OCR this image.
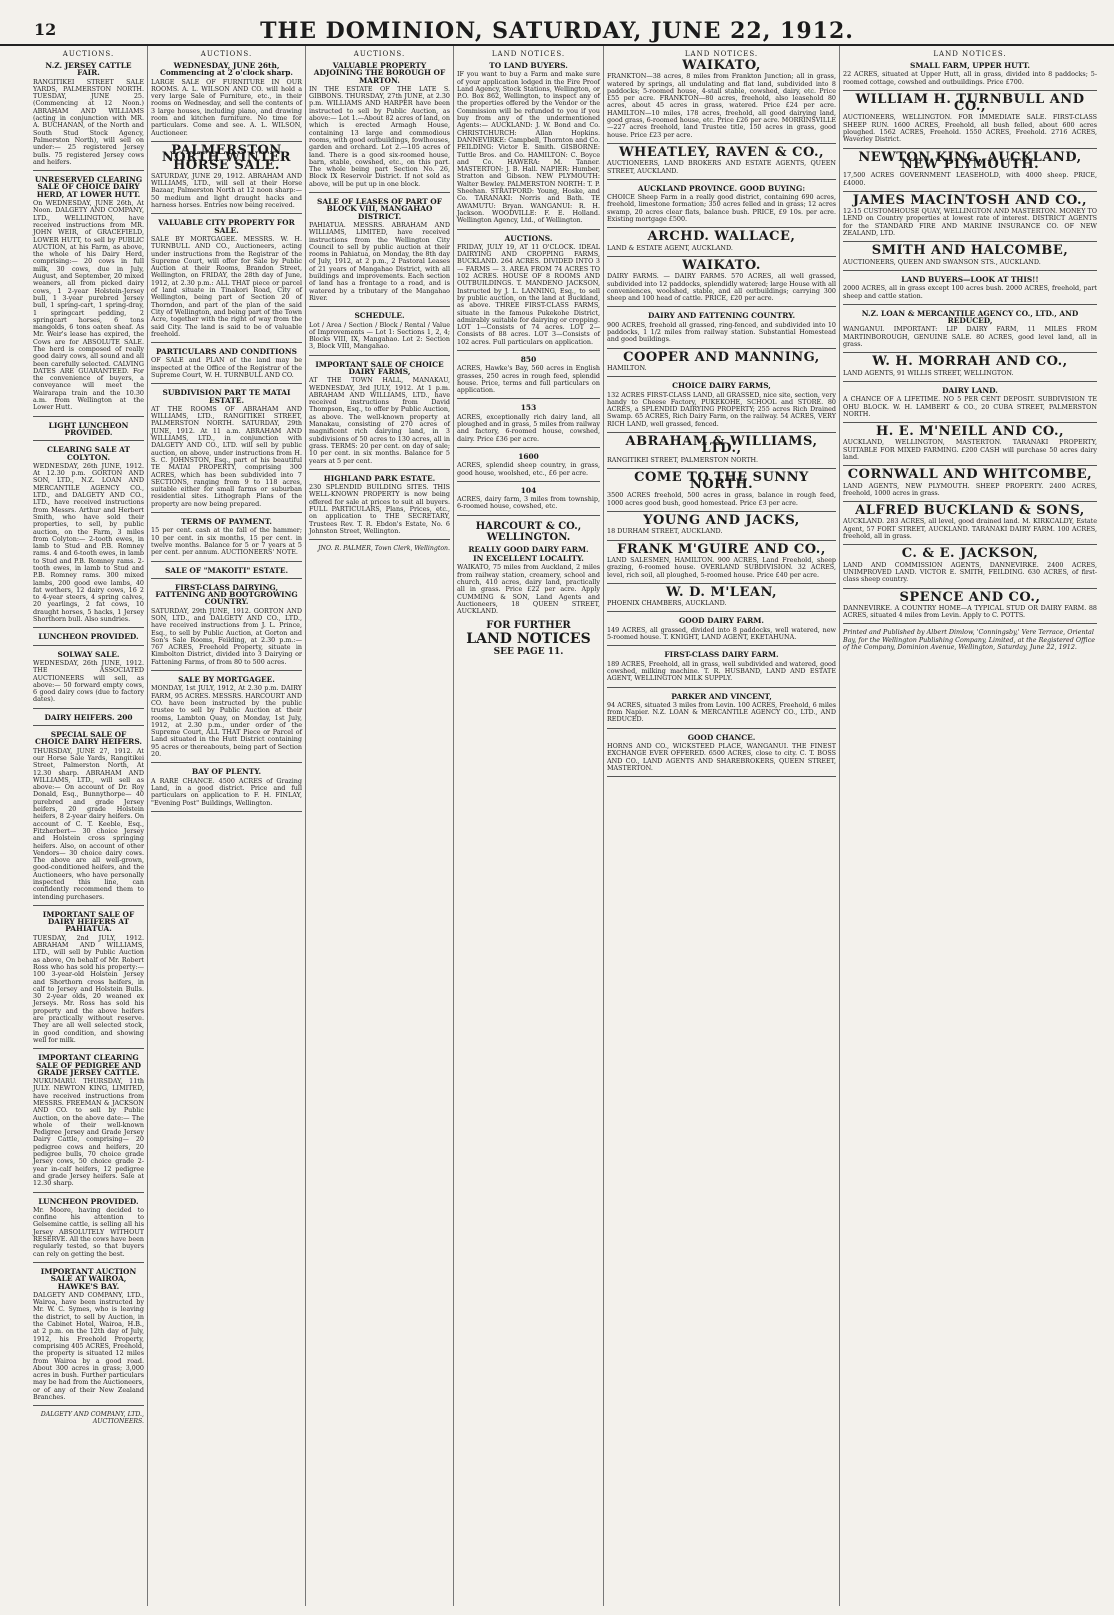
12	THE DOMINION, SATURDAY, JUNE 22, 1912.
AUCTIONS.
N.Z. JERSEY CATTLE FAIR.
RANGITIKEI STREET SALE YARDS, PALMERSTON NORTH. TUESDAY, JUNE 25. (Commencing at 12 Noon.) ABRAHAM AND WILLIAMS (acting in conjunction with MR. A. BUCHANAN, of the North and South Stud Stock Agency, Palmerston North), will sell on under:— 25 registered Jersey bulls. 75 registered Jersey cows and heifers.
UNRESERVED CLEARING SALE OF CHOICE DAIRY HERD, AT LOWER HUTT.
On WEDNESDAY, JUNE 26th, At Noon. DALGETY AND COMPANY, LTD., WELLINGTON, have received instructions from MR. JOHN WEIR, of GRACEFIELD, LOWER HUTT, to sell by PUBLIC AUCTION, at his Farm, as above, the whole of his Dairy Herd, comprising:— 20 cows in full milk, 30 cows, due in July, August, and September, 20 mixed weaners, all from picked dairy cows, 1 2-year Holstein-Jersey bull, 1 3-year purebred Jersey bull, 1 spring-cart, 1 spring-dray, 1 springcart pedding, 2 springcart horses, 6 tons mangolds, 6 tons oaten sheaf. As Mr. Weir's lease has expired, the Cows are for ABSOLUTE SALE. The herd is composed of really good dairy cows, all sound and all been carefully selected. CALVING DATES ARE GUARANTEED. For the convenience of buyers, a conveyance will meet the Wairarapa train and the 10.30 a.m. from Wellington at the Lower Hutt.
LIGHT LUNCHEON PROVIDED.
CLEARING SALE AT COLYTON.
WEDNESDAY, 26th JUNE, 1912. At 12.30 p.m. GORTON AND SON, LTD., N.Z. LOAN AND MERCANTILE AGENCY CO., LTD., and DALGETY AND CO., LTD., have received instructions from Messrs. Arthur and Herbert Smith, who have sold their properties, to sell, by public auction, on the Farm, 3 miles from Colyton:— 2-tooth ewes, in lamb to Stud and P.B. Romney rams. 4 and 6-tooth ewes, in lamb to Stud and P.B. Romney rams. 2-tooth ewes, in lamb to Stud and P.B. Romney rams. 300 mixed lambs, 200 good ewe lambs, 40 fat wethers, 12 dairy cows, 16 2 to 4-year steers, 4 spring calves, 20 yearlings, 2 fat cows, 10 draught horses, 5 hacks, 1 Jersey Shorthorn bull. Also sundries.
LUNCHEON PROVIDED.
SOLWAY SALE.
WEDNESDAY, 26th JUNE, 1912. THE ASSOCIATED AUCTIONEERS will sell, as above:— 50 forward empty cows, 6 good dairy cows (due to factory dates).
DAIRY HEIFERS. 200
SPECIAL SALE OF CHOICE DAIRY HEIFERS.
THURSDAY, JUNE 27, 1912. At our Horse Sale Yards, Rangitikei Street, Palmerston North, At 12.30 sharp. ABRAHAM AND WILLIAMS, LTD., will sell as above:— On account of Dr. Roy Donald, Esq., Bunnythorpe— 40 purebred and grade Jersey heifers, 20 grade Holstein heifers, 8 2-year dairy heifers. On account of C. T. Keeble, Esq., Fitzherbert— 30 choice Jersey and Holstein cross springing heifers. Also, on account of other Vendors— 30 choice dairy cows. The above are all well-grown, good-conditioned heifers, and the Auctioneers, who have personally inspected this line, can confidently recommend them to intending purchasers.
IMPORTANT SALE OF DAIRY HEIFERS AT PAHIATUA.
TUESDAY, 2nd JULY, 1912. ABRAHAM AND WILLIAMS, LTD., will sell by Public Auction as above, On behalf of Mr. Robert Ross who has sold his property:— 100 3-year-old Holstein Jersey and Shorthorn cross heifers, in calf to Jersey and Holstein Bulls. 30 2-year olds, 20 weaned ex Jerseys. Mr. Ross has sold his property and the above heifers are practically without reserve. They are all well selected stock, in good condition, and showing well for milk.
IMPORTANT CLEARING SALE OF PEDIGREE AND GRADE JERSEY CATTLE.
NUKUMARU. THURSDAY, 11th JULY. NEWTON KING, LIMITED, have received instructions from MESSRS. FREEMAN & JACKSON AND CO. to sell by Public Auction, on the above date:— The whole of their well-known Pedigree Jersey and Grade Jersey Dairy Cattle, comprising— 20 pedigree cows and heifers, 20 pedigree bulls, 70 choice grade Jersey cows, 50 choice grade 2-year in-calf heifers, 12 pedigree and grade Jersey heifers. Sale at 12.30 sharp.
LUNCHEON PROVIDED.
Mr. Moore, having decided to confine his attention to Gelsemine cattle, is selling all his Jersey ABSOLUTELY WITHOUT RESERVE. All the cows have been regularly tested, so that buyers can rely on getting the best.
IMPORTANT AUCTION SALE AT WAIROA, HAWKE'S BAY.
DALGETY AND COMPANY, LTD., Wairoa, have been instructed by Mr. W. C. Symes, who is leaving the district, to sell by Auction, in the Cabinet Hotel, Wairoa, H.B., at 2 p.m. on the 12th day of July, 1912, his Freehold Property, comprising 405 ACRES, Freehold, the property is situated 12 miles from Wairoa by a good road. About 300 acres in grass; 3,000 acres in bush. Further particulars may be had from the Auctioneers, or of any of their New Zealand Branches.
DALGETY AND COMPANY, LTD., AUCTIONEERS.
AUCTIONS.
WEDNESDAY, JUNE 26th, Commencing at 2 o'clock sharp.
LARGE SALE OF FURNITURE IN OUR ROOMS. A. L. WILSON AND CO. will hold a very large Sale of Furniture, etc., in their rooms on Wednesday, and sell the contents of 3 large houses, including piano, and drawing room and kitchen furniture. No time for particulars. Come and see. A. L. WILSON, Auctioneer.
PALMERSTON NORTH WINTER HORSE SALE.
SATURDAY, JUNE 29, 1912. ABRAHAM AND WILLIAMS, LTD., will sell at their Horse Bazaar, Palmerston North at 12 noon sharp:— 50 medium and light draught hacks and harness horses. Entries now being received.
VALUABLE CITY PROPERTY FOR SALE.
SALE BY MORTGAGEE. MESSRS. W. H. TURNBULL AND CO., Auctioneers, acting under instructions from the Registrar of the Supreme Court, will offer for Sale by Public Auction at their Rooms, Brandon Street, Wellington, on FRIDAY, the 28th day of June, 1912, at 2.30 p.m.: ALL THAT piece or parcel of land situate in Tinakori Road, City of Wellington, being part of Section 20 of Thorndon, and part of the plan of the said City of Wellington, and being part of the Town Acre, together with the right of way from the said City. The land is said to be of valuable freehold.
PARTICULARS AND CONDITIONS
OF SALE and PLAN of the land may be inspected at the Office of the Registrar of the Supreme Court, W. H. TURNBULL AND CO.
SUBDIVISION PART TE MATAI ESTATE.
AT THE ROOMS OF ABRAHAM AND WILLIAMS, LTD., RANGITIKEI STREET, PALMERSTON NORTH. SATURDAY, 29th JUNE, 1912. At 11 a.m. ABRAHAM AND WILLIAMS, LTD., in conjunction with DALGETY AND CO., LTD. will sell by public auction, on above, under instructions from H. S. C. JOHNSTON, Esq., part of his beautiful TE MATAI PROPERTY, comprising 300 ACRES, which has been subdivided into 7 SECTIONS, ranging from 9 to 118 acres, suitable either for small farms or suburban residential sites. Lithograph Plans of the property are now being prepared.
TERMS OF PAYMENT.
15 per cent. cash at the fall of the hammer; 10 per cent. in six months, 15 per cent. in twelve months. Balance for 5 or 7 years at 5 per cent. per annum. AUCTIONEERS' NOTE.
SALE OF "MAKOITI" ESTATE.
FIRST-CLASS DAIRYING, FATTENING AND BOOTGROWING COUNTRY.
SATURDAY, 29th JUNE, 1912. GORTON AND SON, LTD., and DALGETY AND CO., LTD., have received instructions from J. L. Prince, Esq., to sell by Public Auction, at Gorton and Son's Sale Rooms, Feilding, at 2.30 p.m.:— 767 ACRES, Freehold Property, situate in Kimbolton District, divided into 3 Dairying or Fattening Farms, of from 80 to 500 acres.
SALE BY MORTGAGEE.
MONDAY, 1st JULY, 1912, At 2.30 p.m. DAIRY FARM, 95 ACRES. MESSRS. HARCOURT AND CO. have been instructed by the public trustee to sell by Public Auction at their rooms, Lambton Quay, on Monday, 1st July, 1912, at 2.30 p.m., under order of the Supreme Court, ALL THAT Piece or Parcel of Land situated in the Hutt District containing 95 acres or thereabouts, being part of Section 20.
BAY OF PLENTY.
A RARE CHANCE. 4500 ACRES of Grazing Land, in a good district. Price and full particulars on application to F. H. FINLAY, "Evening Post" Buildings, Wellington.
AUCTIONS.
VALUABLE PROPERTY ADJOINING THE BOROUGH OF MARTON.
IN THE ESTATE OF THE LATE S. GIBBONS. THURSDAY, 27th JUNE, at 2.30 p.m. WILLIAMS AND HARPER have been instructed to sell by Public Auction, as above:— Lot 1.—About 82 acres of land, on which is erected Armagh House, containing 13 large and commodious rooms, with good outbuildings, fowlhouses, garden and orchard. Lot 2.—105 acres of land. There is a good six-roomed house, barn, stable, cowshed, etc., on this part. The whole being part Section No. 26, Block IX Reservoir District. If not sold as above, will be put up in one block.
SALE OF LEASES OF PART OF BLOCK VIII, MANGAHAO DISTRICT.
PAHIATUA. MESSRS. ABRAHAM AND WILLIAMS, LIMITED, have received instructions from the Wellington City Council to sell by public auction at their rooms in Pahiatua, on Monday, the 8th day of July, 1912, at 2 p.m., 2 Pastoral Leases of 21 years of Mangahao District, with all buildings and improvements. Each section of land has a frontage to a road, and is watered by a tributary of the Mangahao River.
SCHEDULE.
Lot / Area / Section / Block / Rental / Value of Improvements — Lot 1: Sections 1, 2, 4; Blocks VIII, IX, Mangahao. Lot 2: Section 3, Block VIII, Mangahao.
IMPORTANT SALE OF CHOICE DAIRY FARMS,
AT THE TOWN HALL, MANAKAU, WEDNESDAY, 3rd JULY, 1912. At 1 p.m. ABRAHAM AND WILLIAMS, LTD., have received instructions from David Thompson, Esq., to offer by Public Auction, as above. The well-known property at Manakau, consisting of 270 acres of magnificent rich dairying land, in 3 subdivisions of 50 acres to 130 acres, all in grass. TERMS: 20 per cent. on day of sale; 10 per cent. in six months. Balance for 5 years at 5 per cent.
HIGHLAND PARK ESTATE.
230 SPLENDID BUILDING SITES. THIS WELL-KNOWN PROPERTY is now being offered for sale at prices to suit all buyers. FULL PARTICULARS, Plans, Prices, etc., on application to THE SECRETARY, Trustees Rev. T. R. Ebdon's Estate, No. 6 Johnston Street, Wellington.
JNO. R. PALMER, Town Clerk, Wellington.
LAND NOTICES.
TO LAND BUYERS.
IF you want to buy a Farm and make sure of your application lodged in the Fire Proof Land Agency, Stock Stations, Wellington, or P.O. Box 862, Wellington, to inspect any of the properties offered by the Vendor or the Commission will be refunded to you if you buy from any of the undermentioned Agents:— AUCKLAND: J. W. Bond and Co. CHRISTCHURCH: Allan Hopkins. DANNEVIRKE: Campbell, Thornton and Co. FEILDING: Victor E. Smith. GISBORNE: Tuttle Bros. and Co. HAMILTON: C. Boyce and Co. HAWERA: M. Tanner. MASTERTON: J. B. Hall. NAPIER: Humber, Stratton and Gibson. NEW PLYMOUTH: Walter Bewley. PALMERSTON NORTH: T. P. Sheehan. STRATFORD: Young, Hoske, and Co. TARANAKI: Norris and Bath. TE AWAMUTU: Bryan. WANGANUI: R. H. Jackson. WOODVILLE: F. E. Holland. Wellington Agency, Ltd., of Wellington.
AUCTIONS.
FRIDAY, JULY 19, AT 11 O'CLOCK. IDEAL DAIRYING AND CROPPING FARMS, BUCKLAND. 264 ACRES. DIVIDED INTO 3 — FARMS — 3. AREA FROM 74 ACRES TO 102 ACRES. HOUSE OF 8 ROOMS AND OUTBUILDINGS. T. MANDENO JACKSON, Instructed by J. L. LANNING, Esq., to sell by public auction, on the land at Buckland, as above. THREE FIRST-CLASS FARMS, situate in the famous Pukekohe District, admirably suitable for dairying or cropping. LOT 1—Consists of 74 acres. LOT 2—Consists of 88 acres. LOT 3—Consists of 102 acres. Full particulars on application.
850
ACRES, Hawke's Bay, 560 acres in English grasses, 250 acres in rough feed, splendid house. Price, terms and full particulars on application.
153
ACRES, exceptionally rich dairy land, all ploughed and in grass, 5 miles from railway and factory, 6-roomed house, cowshed, dairy. Price £36 per acre.
1600
ACRES, splendid sheep country, in grass, good house, woolshed, etc., £6 per acre.
104
ACRES, dairy farm, 3 miles from township, 6-roomed house, cowshed, etc.
HARCOURT & CO., WELLINGTON.
REALLY GOOD DAIRY FARM.
IN EXCELLENT LOCALITY.
WAIKATO, 75 miles from Auckland, 2 miles from railway station, creamery, school and church, 410 acres, dairy land, practically all in grass. Price £22 per acre. Apply CUMMING & SON, Land Agents and Auctioneers, 18 QUEEN STREET, AUCKLAND.
FOR FURTHER
LAND NOTICES
SEE PAGE 11.
LAND NOTICES.
WAIKATO,
FRANKTON—38 acres, 8 miles from Frankton Junction; all in grass, watered by springs, all undulating and flat land, subdivided into 8 paddocks; 5-roomed house, 4-stall stable, cowshed, dairy, etc. Price £55 per acre. FRANKTON—80 acres, freehold, also leasehold 80 acres, about 45 acres in grass, watered. Price £24 per acre. HAMILTON—10 miles, 178 acres, freehold, all good dairying land, good grass, 6-roomed house, etc. Price £26 per acre. MORRINSVILLE—227 acres freehold, land Trustee title, 150 acres in grass, good house. Price £23 per acre.
WHEATLEY, RAVEN & CO.,
AUCTIONEERS, LAND BROKERS AND ESTATE AGENTS, QUEEN STREET, AUCKLAND.
AUCKLAND PROVINCE. GOOD BUYING:
CHOICE Sheep Farm in a really good district, containing 690 acres, freehold, limestone formation; 350 acres felled and in grass; 12 acres swamp, 20 acres clear flats, balance bush. PRICE, £9 10s. per acre. Existing mortgage £500.
ARCHD. WALLACE,
LAND & ESTATE AGENT, AUCKLAND.
WAIKATO.
DAIRY FARMS. — DAIRY FARMS. 570 ACRES, all well grassed, subdivided into 12 paddocks, splendidly watered; large House with all conveniences, woolshed, stable, and all outbuildings; carrying 300 sheep and 100 head of cattle. PRICE, £20 per acre.
DAIRY AND FATTENING COUNTRY.
900 ACRES, freehold all grassed, ring-fenced, and subdivided into 10 paddocks, 1 1/2 miles from railway station. Substantial Homestead and good buildings.
COOPER AND MANNING,
HAMILTON.
CHOICE DAIRY FARMS,
132 ACRES FIRST-CLASS LAND, all GRASSED, nice site, section, very handy to Cheese Factory, PUKEKOHE, SCHOOL and STORE. 80 ACRES, a SPLENDID DAIRYING PROPERTY; 255 acres Rich Drained Swamp. 65 ACRES, Rich Dairy Farm, on the railway. 54 ACRES, VERY RICH LAND, well grassed, fenced.
ABRAHAM & WILLIAMS, LTD.,
RANGITIKEI STREET, PALMERSTON NORTH.
COME TO THE SUNNY NORTH.
3500 ACRES freehold, 500 acres in grass, balance in rough feed, 1000 acres good bush, good homestead. Price £3 per acre.
YOUNG AND JACKS,
18 DURHAM STREET, AUCKLAND.
FRANK M'GUIRE AND CO.,
LAND SALESMEN, HAMILTON. 900 ACRES, Land Freehold, sheep grazing, 6-roomed house. OVERLAND SUBDIVISION. 32 ACRES, level, rich soil, all ploughed, 5-roomed house. Price £40 per acre.
W. D. M'LEAN,
PHOENIX CHAMBERS, AUCKLAND.
GOOD DAIRY FARM.
149 ACRES, all grassed, divided into 8 paddocks, well watered, new 5-roomed house. T. KNIGHT, LAND AGENT, EKETAHUNA.
FIRST-CLASS DAIRY FARM.
189 ACRES, Freehold, all in grass, well subdivided and watered, good cowshed, milking machine. T. R. HUSBAND, LAND AND ESTATE AGENT, WELLINGTON MILK SUPPLY.
PARKER AND VINCENT,
94 ACRES, situated 3 miles from Levin. 100 ACRES, Freehold, 6 miles from Napier. N.Z. LOAN & MERCANTILE AGENCY CO., LTD., AND REDUCED.
GOOD CHANCE.
HORNS AND CO., WICKSTEED PLACE, WANGANUI. THE FINEST EXCHANGE EVER OFFERED. 6500 ACRES, close to city. C. T. BOSS AND CO., LAND AGENTS AND SHAREBROKERS, QUEEN STREET, MASTERTON.
LAND NOTICES.
SMALL FARM, UPPER HUTT.
22 ACRES, situated at Upper Hutt, all in grass, divided into 8 paddocks; 5-roomed cottage, cowshed and outbuildings. Price £700.
WILLIAM H. TURNBULL AND CO.,
AUCTIONEERS, WELLINGTON. FOR IMMEDIATE SALE. FIRST-CLASS SHEEP RUN. 1600 ACRES, Freehold, all bush felled, about 600 acres ploughed. 1562 ACRES, Freehold. 1550 ACRES, Freehold. 2716 ACRES, Waverley District.
NEWTON KING, AUCKLAND, NEW PLYMOUTH.
17,500 ACRES GOVERNMENT LEASEHOLD, with 4000 sheep. PRICE, £4000.
JAMES MACINTOSH AND CO.,
12-15 CUSTOMHOUSE QUAY, WELLINGTON AND MASTERTON. MONEY TO LEND on Country properties at lowest rate of interest. DISTRICT AGENTS for the STANDARD FIRE AND MARINE INSURANCE CO. OF NEW ZEALAND, LTD.
SMITH AND HALCOMBE,
AUCTIONEERS, QUEEN AND SWANSON STS., AUCKLAND.
LAND BUYERS—LOOK AT THIS!!
2000 ACRES, all in grass except 100 acres bush. 2000 ACRES, freehold, part sheep and cattle station.
N.Z. LOAN & MERCANTILE AGENCY CO., LTD., AND REDUCED,
WANGANUI. IMPORTANT: LIP DAIRY FARM, 11 MILES FROM MARTINBOROUGH, GENUINE SALE. 80 ACRES, good level land, all in grass.
W. H. MORRAH AND CO.,
LAND AGENTS, 91 WILLIS STREET, WELLINGTON.
DAIRY LAND.
A CHANCE OF A LIFETIME. NO 5 PER CENT DEPOSIT. SUBDIVISION TE OHU BLOCK. W. H. LAMBERT & CO., 20 CUBA STREET, PALMERSTON NORTH.
H. E. M'NEILL AND CO.,
AUCKLAND, WELLINGTON, MASTERTON. TARANAKI PROPERTY, SUITABLE FOR MIXED FARMING. £200 CASH will purchase 50 acres dairy land.
CORNWALL AND WHITCOMBE,
LAND AGENTS, NEW PLYMOUTH. SHEEP PROPERTY. 2400 ACRES, freehold, 1000 acres in grass.
ALFRED BUCKLAND & SONS,
AUCKLAND. 283 ACRES, all level, good drained land. M. KIRKCALDY, Estate Agent, 57 FORT STREET, AUCKLAND. TARANAKI DAIRY FARM. 100 ACRES, freehold, all in grass.
C. & E. JACKSON,
LAND AND COMMISSION AGENTS, DANNEVIRKE. 2400 ACRES, UNIMPROVED LAND. VICTOR E. SMITH, FEILDING. 630 ACRES, of first-class sheep country.
SPENCE AND CO.,
DANNEVIRKE. A COUNTRY HOME—A TYPICAL STUD OR DAIRY FARM. 88 ACRES, situated 4 miles from Levin. Apply to C. POTTS.
Printed and Published by Albert Dimlow, 'Conningsby,' Vere Terrace, Oriental Bay, for the Wellington Publishing Company, Limited, at the Registered Office of the Company, Dominion Avenue, Wellington, Saturday, June 22, 1912.
